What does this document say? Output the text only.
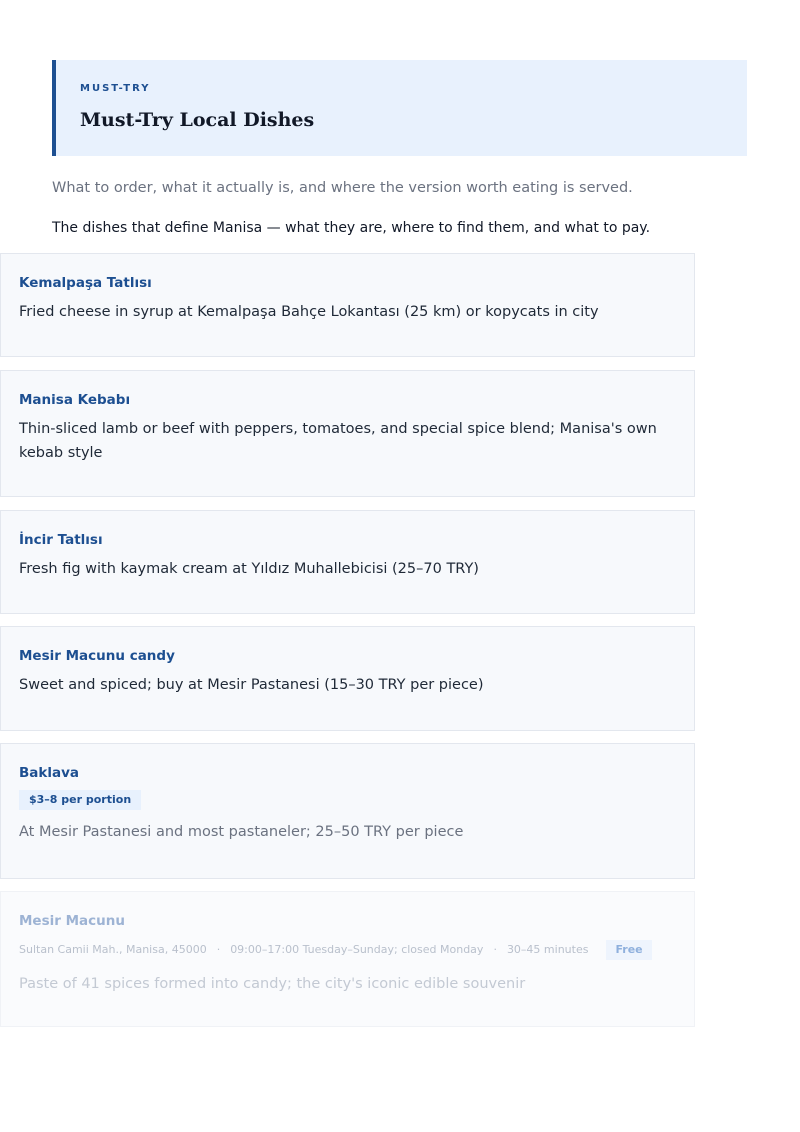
MUST-TRY

Must-Try Local Dishes

What to order, what it actually is, and where the version worth eating is served.

The dishes that define Manisa — what they are, where to find them, and what to pay.

Kemalpaşa Tatlısı

Fried cheese in syrup at Kemalpaşa Bahçe Lokantası (25 km) or kopycats in city

Manisa Kebabı

Thin-sliced lamb or beef with peppers, tomatoes, and special spice blend; Manisa's own kebab style

İncir Tatlısı

Fresh fig with kaymak cream at Yıldız Muhallebicisi (25–70 TRY)

Mesir Macunu candy

Sweet and spiced; buy at Mesir Pastanesi (15–30 TRY per piece)

Baklava

$3–8 per portion

At Mesir Pastanesi and most pastaneler; 25–50 TRY per piece

Mesir Macunu

Sultan Camii Mah., Manisa, 45000 · 09:00–17:00 Tuesday–Sunday; closed Monday · 30–45 minutes	Free

Paste of 41 spices formed into candy; the city's iconic edible souvenir
